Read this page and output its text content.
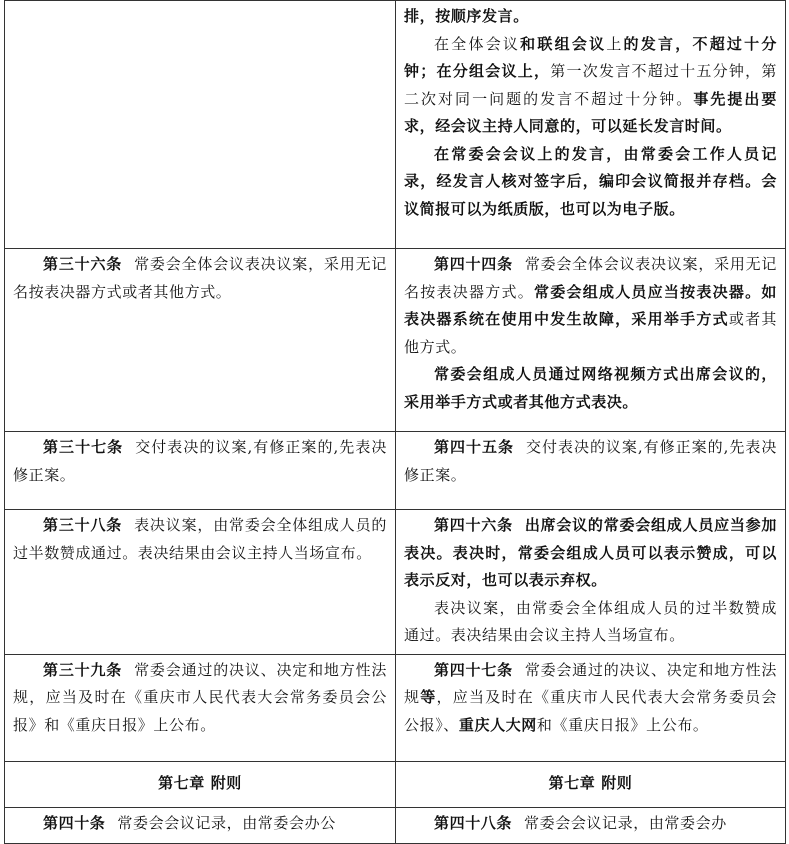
	排，按顺序发言。

在全体会议和联组会议上的发言，不超过十分钟；在分组会议上，第一次发言不超过十五分钟，第二次对同一问题的发言不超过十分钟。事先提出要求，经会议主持人同意的，可以延长发言时间。

在常委会会议上的发言，由常委会工作人员记录，经发言人核对签字后，编印会议简报并存档。会议简报可以为纸质版，也可以为电子版。

第三十六条 常委会全体会议表决议案，采用无记名按表决器方式或者其他方式。	第四十四条 常委会全体会议表决议案，采用无记名按表决器方式。常委会组成人员应当按表决器。如表决器系统在使用中发生故障，采用举手方式或者其他方式。

常委会组成人员通过网络视频方式出席会议的，采用举手方式或者其他方式表决。

第三十七条 交付表决的议案,有修正案的,先表决修正案。	第四十五条 交付表决的议案,有修正案的,先表决修正案。

第三十八条 表决议案，由常委会全体组成人员的过半数赞成通过。表决结果由会议主持人当场宣布。	第四十六条 出席会议的常委会组成人员应当参加表决。表决时，常委会组成人员可以表示赞成，可以表示反对，也可以表示弃权。

表决议案，由常委会全体组成人员的过半数赞成通过。表决结果由会议主持人当场宣布。

第三十九条 常委会通过的决议、决定和地方性法规，应当及时在《重庆市人民代表大会常务委员会公报》和《重庆日报》上公布。	第四十七条 常委会通过的决议、决定和地方性法规等，应当及时在《重庆市人民代表大会常务委员会公报》、重庆人大网和《重庆日报》上公布。

第七章 附则	第七章 附则

第四十条 常委会会议记录，由常委会办公	第四十八条 常委会会议记录，由常委会办
